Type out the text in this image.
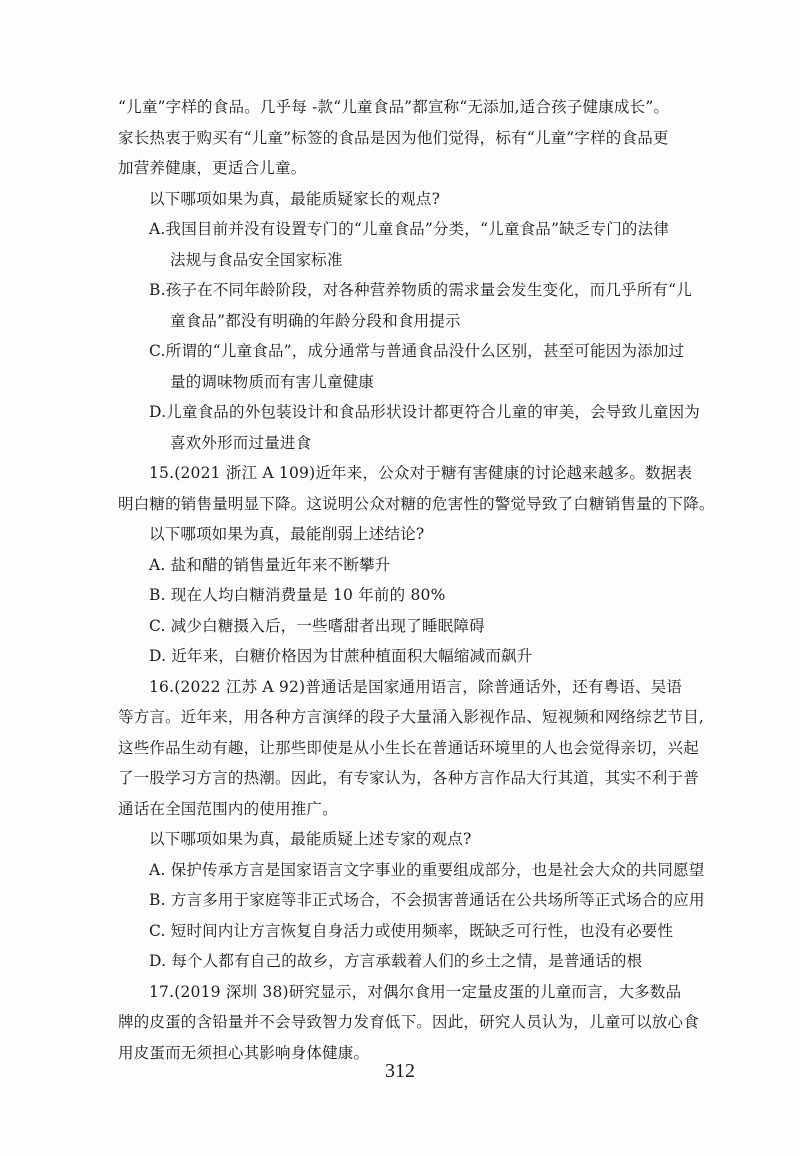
“儿童”字样的食品。几乎每 -款“儿童食品”都宣称“无添加,适合孩子健康成长”。
家长热衷于购买有“儿童”标签的食品是因为他们觉得，标有“儿童”字样的食品更
加营养健康，更适合儿童。
以下哪项如果为真，最能质疑家长的观点?
A.我国目前并没有设置专门的“儿童食品”分类，“儿童食品”缺乏专门的法律
法规与食品安全国家标准
B.孩子在不同年龄阶段，对各种营养物质的需求量会发生变化，而几乎所有“儿
童食品”都没有明确的年龄分段和食用提示
C.所谓的“儿童食品”，成分通常与普通食品没什么区别，甚至可能因为添加过
量的调味物质而有害儿童健康
D.儿童食品的外包装设计和食品形状设计都更符合儿童的审美，会导致儿童因为
喜欢外形而过量进食
15.(2021 浙江 A 109)近年来，公众对于糖有害健康的讨论越来越多。数据表
明白糖的销售量明显下降。这说明公众对糖的危害性的警觉导致了白糖销售量的下降。
以下哪项如果为真，最能削弱上述结论?
A. 盐和醋的销售量近年来不断攀升
B. 现在人均白糖消费量是 10 年前的 80%
C. 减少白糖摄入后，一些嗜甜者出现了睡眠障碍
D. 近年来，白糖价格因为甘蔗种植面积大幅缩减而飙升
16.(2022 江苏 A 92)普通话是国家通用语言，除普通话外，还有粤语、吴语
等方言。近年来，用各种方言演绎的段子大量涌入影视作品、短视频和网络综艺节目,
这些作品生动有趣，让那些即使是从小生长在普通话环境里的人也会觉得亲切，兴起
了一股学习方言的热潮。因此，有专家认为，各种方言作品大行其道，其实不利于普
通话在全国范围内的使用推广。
以下哪项如果为真，最能质疑上述专家的观点?
A. 保护传承方言是国家语言文字事业的重要组成部分，也是社会大众的共同愿望
B. 方言多用于家庭等非正式场合，不会损害普通话在公共场所等正式场合的应用
C. 短时间内让方言恢复自身活力或使用频率，既缺乏可行性，也没有必要性
D. 每个人都有自己的故乡，方言承载着人们的乡土之情，是普通话的根
17.(2019 深圳 38)研究显示，对偶尔食用一定量皮蛋的儿童而言，大多数品
牌的皮蛋的含铅量并不会导致智力发育低下。因此，研究人员认为，儿童可以放心食
用皮蛋而无须担心其影响身体健康。
312
